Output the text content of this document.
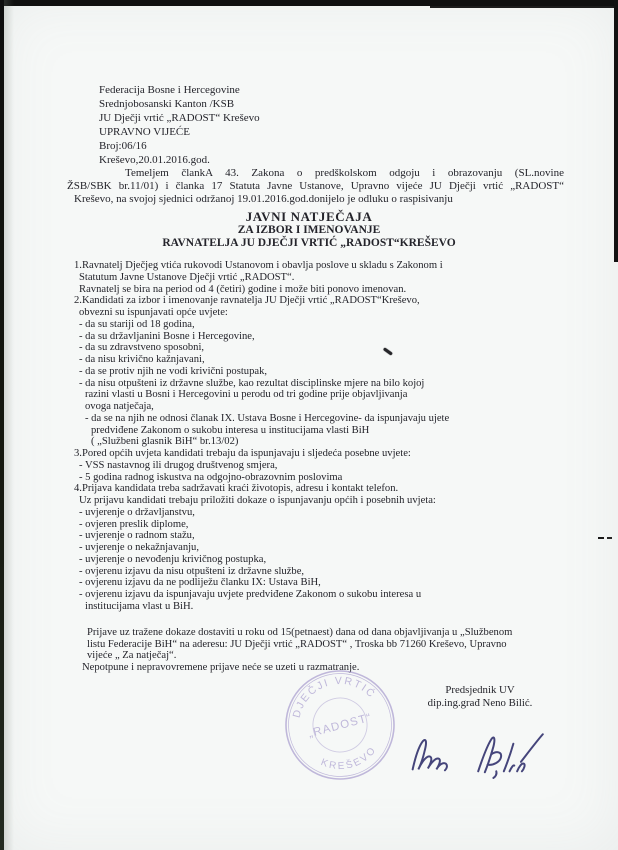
Federacija Bosne i Hercegovine
Srednjobosanski Kanton /KSB
JU Dječji vrtić „RADOST“ Kreševo
UPRAVNO VIJEĆE
Broj:06/16
Kreševo,20.01.2016.god.
Temeljem člankA 43. Zakona o predškolskom odgoju i obrazovanju (SL.novine
ŽSB/SBK br.11/01) i članka 17 Statuta Javne Ustanove, Upravno vijeće JU Dječji vrtić „RADOST“
Kreševo, na svojoj sjednici održanoj 19.01.2016.god.donijelo je odluku o raspisivanju
JAVNI NATJEČAJA
ZA IZBOR I IMENOVANJE
RAVNATELJA JU DJEČJI VRTIĆ „RADOST“KREŠEVO
1.Ravnatelj Dječjeg vtića rukovodi Ustanovom i obavlja poslove u skladu s Zakonom i
Statutum Javne Ustanove Dječji vrtić „RADOST“.
Ravnatelj se bira na period od 4 (četiri) godine i može biti ponovo imenovan.
2.Kandidati za izbor i imenovanje ravnatelja JU Dječji vrtić „RADOST“Kreševo,
obvezni su ispunjavati opće uvjete:
- da su stariji od 18 godina,
- da su državljanini Bosne i Hercegovine,
- da su zdravstveno sposobni,
- da nisu krivično kažnjavani,
- da se protiv njih ne vodi krivični postupak,
- da nisu otpušteni iz državne službe, kao rezultat disciplinske mjere na bilo kojoj
razini vlasti u Bosni i Hercegovini u perodu od tri godine prije objavljivanja
ovoga natječaja,
- da se na njih ne odnosi članak IX. Ustava Bosne i Hercegovine- da ispunjavaju ujete
predviđene Zakonom o sukobu interesa u institucijama vlasti BiH
( „Službeni glasnik BiH“ br.13/02)
3.Pored općih uvjeta kandidati trebaju da ispunjavaju i sljedeća posebne uvjete:
- VSS nastavnog ili drugog društvenog smjera,
- 5 godina radnog iskustva na odgojno-obrazovnim poslovima
4.Prijava kandidata treba sadržavati kraći životopis, adresu i kontakt telefon.
Uz prijavu kandidati trebaju priložiti dokaze o ispunjavanju općih i posebnih uvjeta:
- uvjerenje o državljanstvu,
- ovjeren preslik diplome,
- uvjerenje o radnom stažu,
- uvjerenje o nekažnjavanju,
- uvjerenje o nevođenju krivičnog postupka,
- ovjerenu izjavu da nisu otpušteni iz državne službe,
- ovjerenu izjavu da ne podliježu članku IX: Ustava BiH,
- ovjerenu izjavu da ispunjavaju uvjete predviđene Zakonom o sukobu interesa u
institucijama vlast u BiH.
Prijave uz tražene dokaze dostaviti u roku od 15(petnaest) dana od dana objavljivanja u „Službenom
listu Federacije BiH“ na aderesu: JU Dječji vrtić „RADOST“ , Troska bb 71260 Kreševo, Upravno
vijeće „ Za natječaj“.
Nepotpune i nepravovremene prijave neće se uzeti u razmatranje.
Predsjednik UV
dip.ing.građ Neno Bilić.
DJEČJI VRTIĆ
„RADOST“
KREŠEVO
